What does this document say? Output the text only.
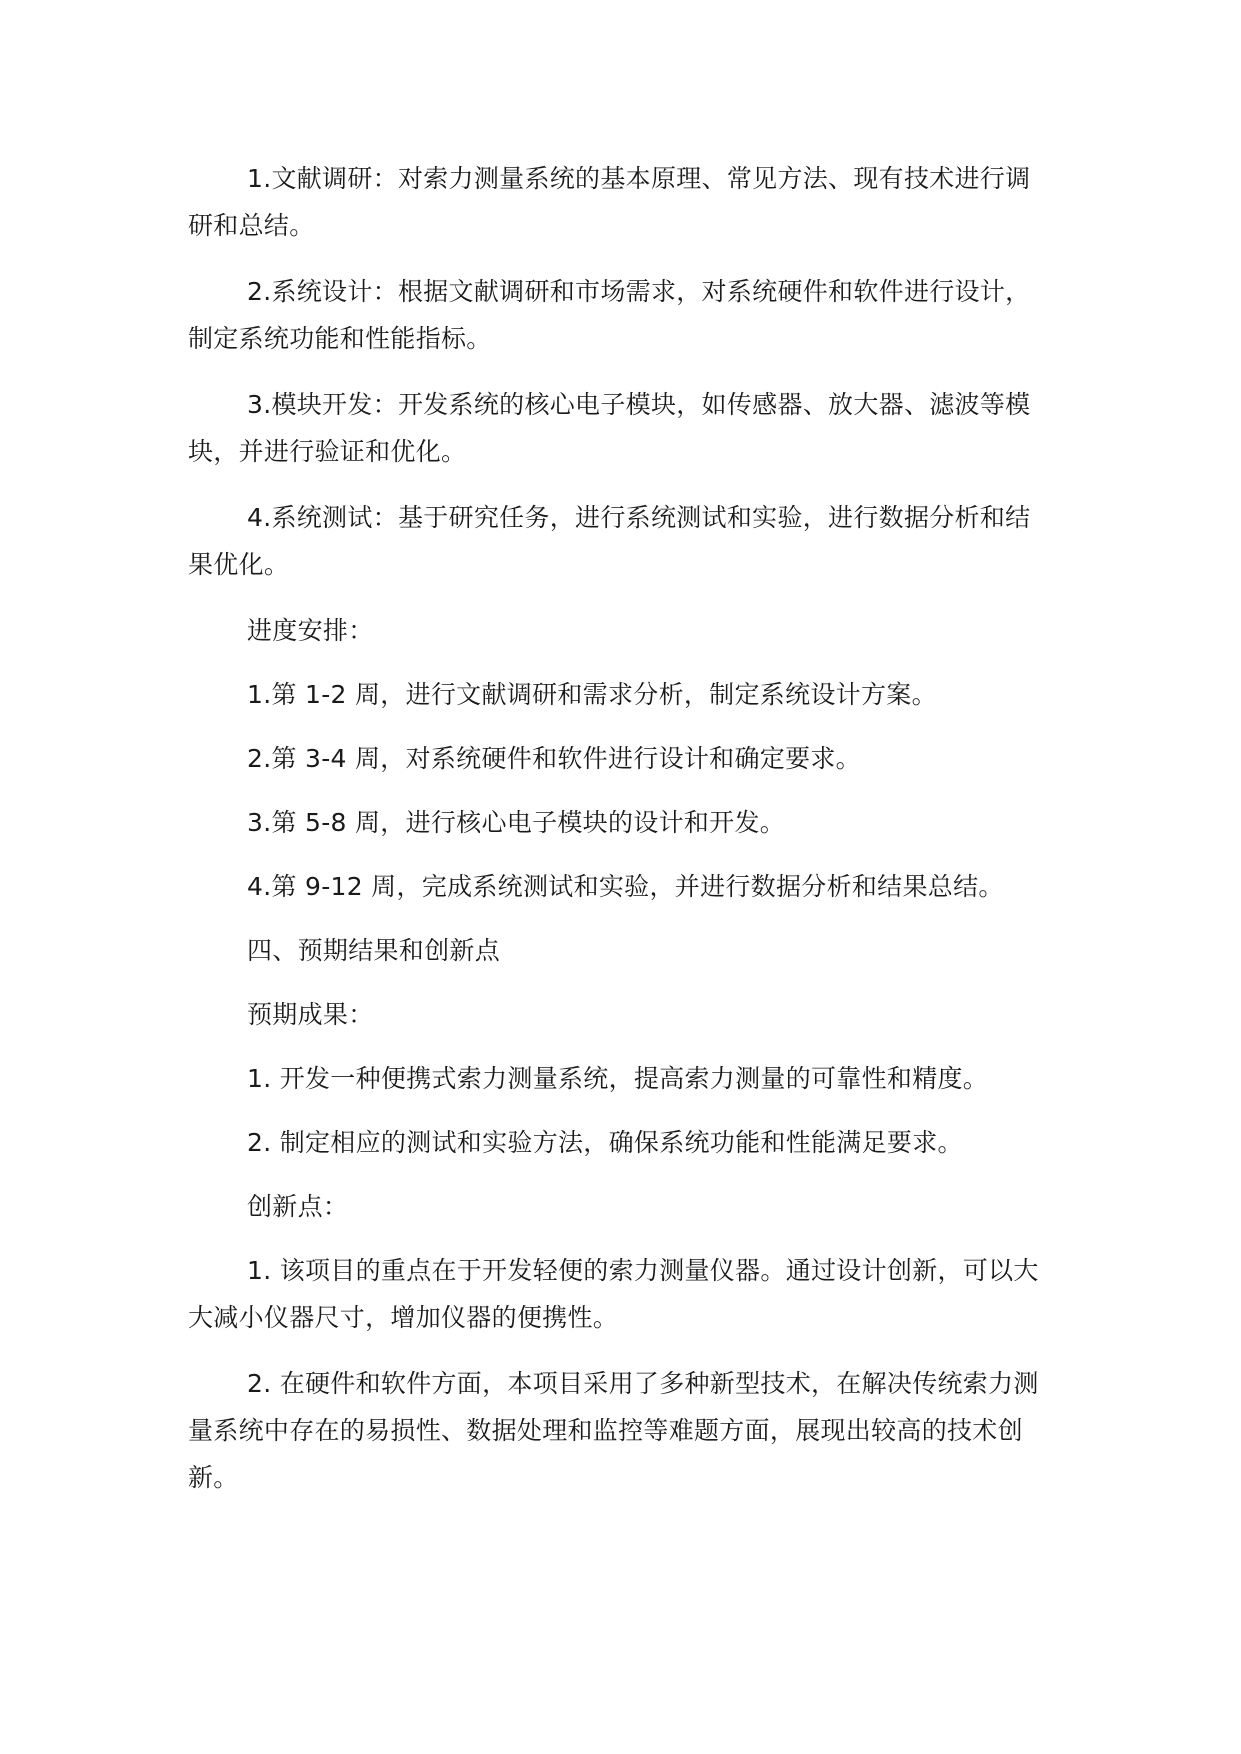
1.文献调研：对索力测量系统的基本原理、常见方法、现有技术进行调研和总结。

2.系统设计：根据文献调研和市场需求，对系统硬件和软件进行设计，制定系统功能和性能指标。

3.模块开发：开发系统的核心电子模块，如传感器、放大器、滤波等模块，并进行验证和优化。

4.系统测试：基于研究任务，进行系统测试和实验，进行数据分析和结果优化。

进度安排：

1.第 1-2 周，进行文献调研和需求分析，制定系统设计方案。

2.第 3-4 周，对系统硬件和软件进行设计和确定要求。

3.第 5-8 周，进行核心电子模块的设计和开发。

4.第 9-12 周，完成系统测试和实验，并进行数据分析和结果总结。

四、预期结果和创新点

预期成果：

1. 开发一种便携式索力测量系统，提高索力测量的可靠性和精度。

2. 制定相应的测试和实验方法，确保系统功能和性能满足要求。

创新点：

1. 该项目的重点在于开发轻便的索力测量仪器。通过设计创新，可以大大减小仪器尺寸，增加仪器的便携性。

2. 在硬件和软件方面，本项目采用了多种新型技术，在解决传统索力测量系统中存在的易损性、数据处理和监控等难题方面，展现出较高的技术创新。
